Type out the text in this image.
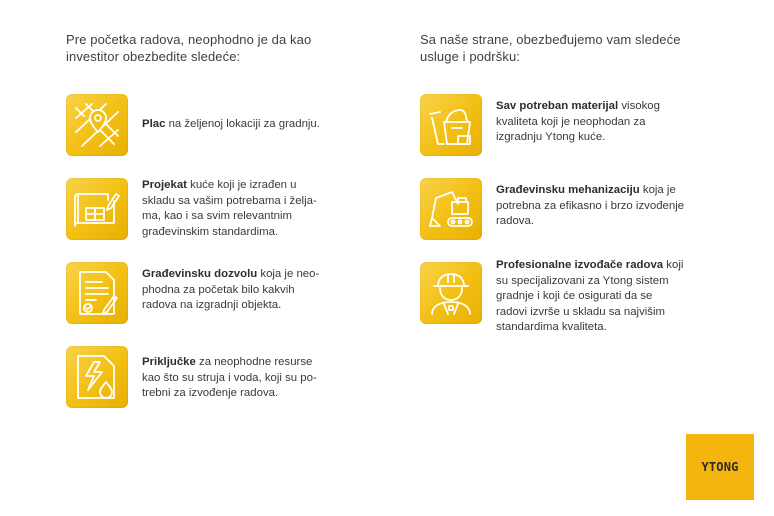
Pre početka radova, neophodno je da kao
investitor obezbedite sledeće:
Sa naše strane, obezbeđujemo vam sledeće
usluge i podršku:
Plac na željenoj lokaciji za gradnju.
Projekat kuće koji je izrađen u
skladu sa vašim potrebama i želja-
ma, kao i sa svim relevantnim
građevinskim standardima.
Građevinsku dozvolu koja je neo-
phodna za početak bilo kakvih
radova na izgradnji objekta.
Priključke za neophodne resurse
kao što su struja i voda, koji su po-
trebni za izvođenje radova.
Sav potreban materijal visokog
kvaliteta koji je neophodan za
izgradnju Ytong kuće.
Građevinsku mehanizaciju koja je
potrebna za efikasno i brzo izvođenje
radova.
Profesionalne izvođače radova koji
su specijalizovani za Ytong sistem
gradnje i koji će osigurati da se
radovi izvrše u skladu sa najvišim
standardima kvaliteta.
YTONG
